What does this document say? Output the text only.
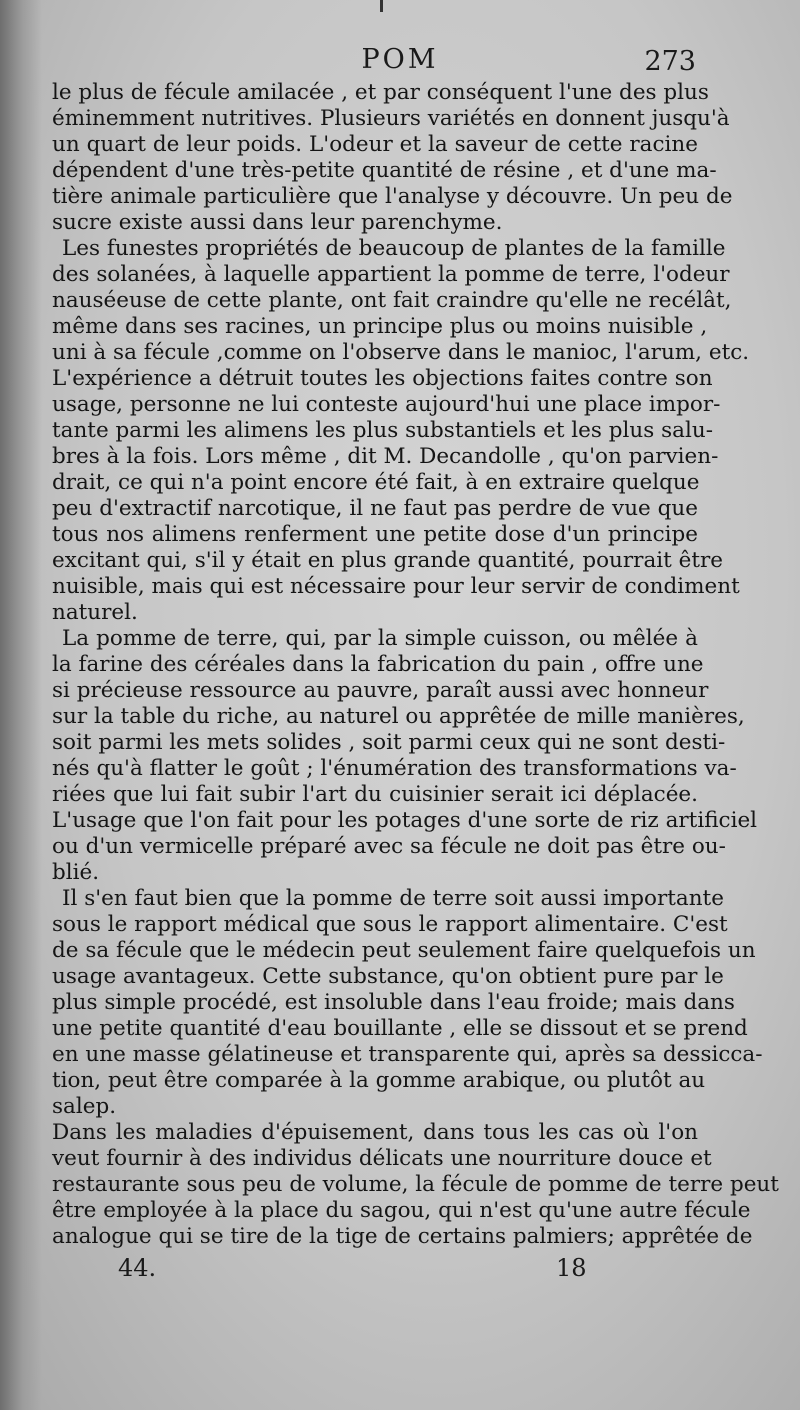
POM	273
le plus de fécule amilacée , et par conséquent l'une des plus
éminemment nutritives. Plusieurs variétés en donnent jusqu'à
un quart de leur poids. L'odeur et la saveur de cette racine
dépendent d'une très-petite quantité de résine , et d'une ma-
tière animale particulière que l'analyse y découvre. Un peu de
sucre existe aussi dans leur parenchyme.
Les funestes propriétés de beaucoup de plantes de la famille
des solanées, à laquelle appartient la pomme de terre, l'odeur
nauséeuse de cette plante, ont fait craindre qu'elle ne recélât,
même dans ses racines, un principe plus ou moins nuisible ,
uni à sa fécule ,comme on l'observe dans le manioc, l'arum, etc.
L'expérience a détruit toutes les objections faites contre son
usage, personne ne lui conteste aujourd'hui une place impor-
tante parmi les alimens les plus substantiels et les plus salu-
bres à la fois. Lors même , dit M. Decandolle , qu'on parvien-
drait, ce qui n'a point encore été fait, à en extraire quelque
peu d'extractif narcotique, il ne faut pas perdre de vue que
tous nos alimens renferment une petite dose d'un principe
excitant qui, s'il y était en plus grande quantité, pourrait être
nuisible, mais qui est nécessaire pour leur servir de condiment
naturel.
La pomme de terre, qui, par la simple cuisson, ou mêlée à
la farine des céréales dans la fabrication du pain , offre une
si précieuse ressource au pauvre, paraît aussi avec honneur
sur la table du riche, au naturel ou apprêtée de mille manières,
soit parmi les mets solides , soit parmi ceux qui ne sont desti-
nés qu'à flatter le goût ; l'énumération des transformations va-
riées que lui fait subir l'art du cuisinier serait ici déplacée.
L'usage que l'on fait pour les potages d'une sorte de riz artificiel
ou d'un vermicelle préparé avec sa fécule ne doit pas être ou-
blié.
Il s'en faut bien que la pomme de terre soit aussi importante
sous le rapport médical que sous le rapport alimentaire. C'est
de sa fécule que le médecin peut seulement faire quelquefois un
usage avantageux. Cette substance, qu'on obtient pure par le
plus simple procédé, est insoluble dans l'eau froide; mais dans
une petite quantité d'eau bouillante , elle se dissout et se prend
en une masse gélatineuse et transparente qui, après sa dessicca-
tion, peut être comparée à la gomme arabique, ou plutôt au
salep.
Dans les maladies d'épuisement, dans tous les cas où l'on
veut fournir à des individus délicats une nourriture douce et
restaurante sous peu de volume, la fécule de pomme de terre peut
être employée à la place du sagou, qui n'est qu'une autre fécule
analogue qui se tire de la tige de certains palmiers; apprêtée de
44.	18
